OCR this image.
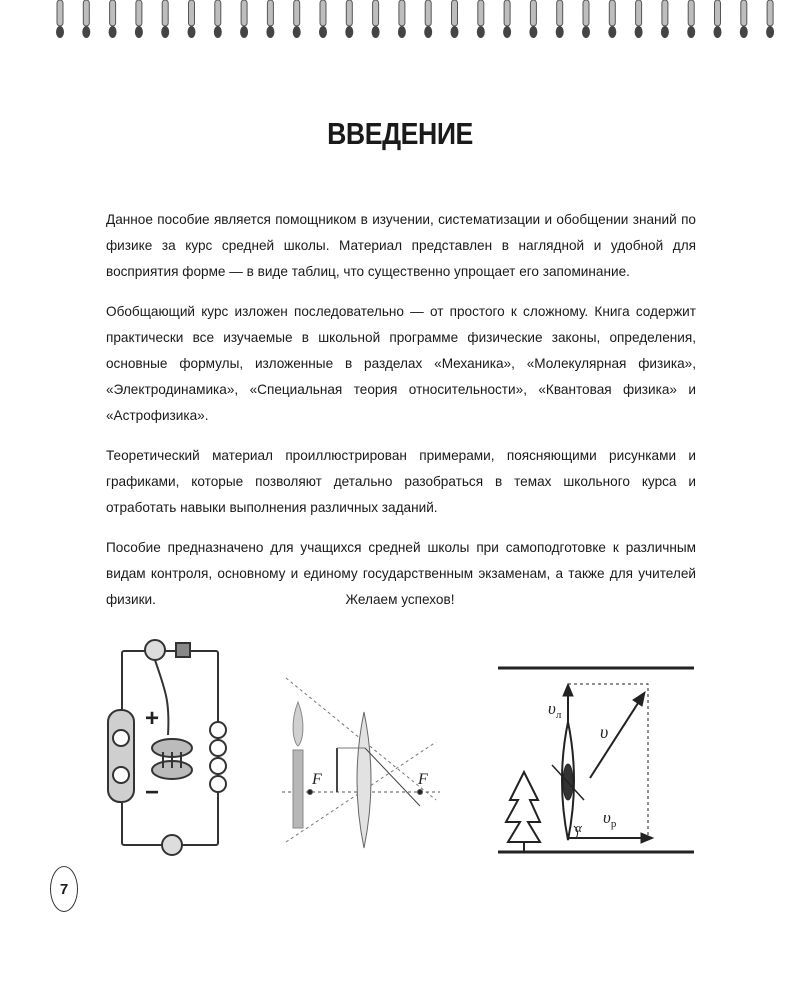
ВВЕДЕНИЕ

Данное пособие является помощником в изучении, систематизации и обобщении знаний по физике за курс средней школы. Материал представлен в наглядной и удобной для восприятия форме — в виде таблиц, что существенно упрощает его запоминание.

Обобщающий курс изложен последовательно — от простого к сложному. Книга содержит практически все изучаемые в школьной программе физические законы, определения, основные формулы, изложенные в разделах «Механика», «Молекулярная физика», «Электродинамика», «Специальная теория относительности», «Квантовая физика» и «Астрофизика».

Теоретический материал проиллюстрирован примерами, поясняющими рисунками и графиками, которые позволяют детально разобраться в темах школьного курса и отработать навыки выполнения различных заданий.

Пособие предназначено для учащихся средней школы при самоподготовке к различным видам контроля, основному и единому государственным экзаменам, а также для учителей физики.	Желаем успехов!
+
−	F	F
$\upsilon_л$
υ
$\upsilon_р$
α
7
